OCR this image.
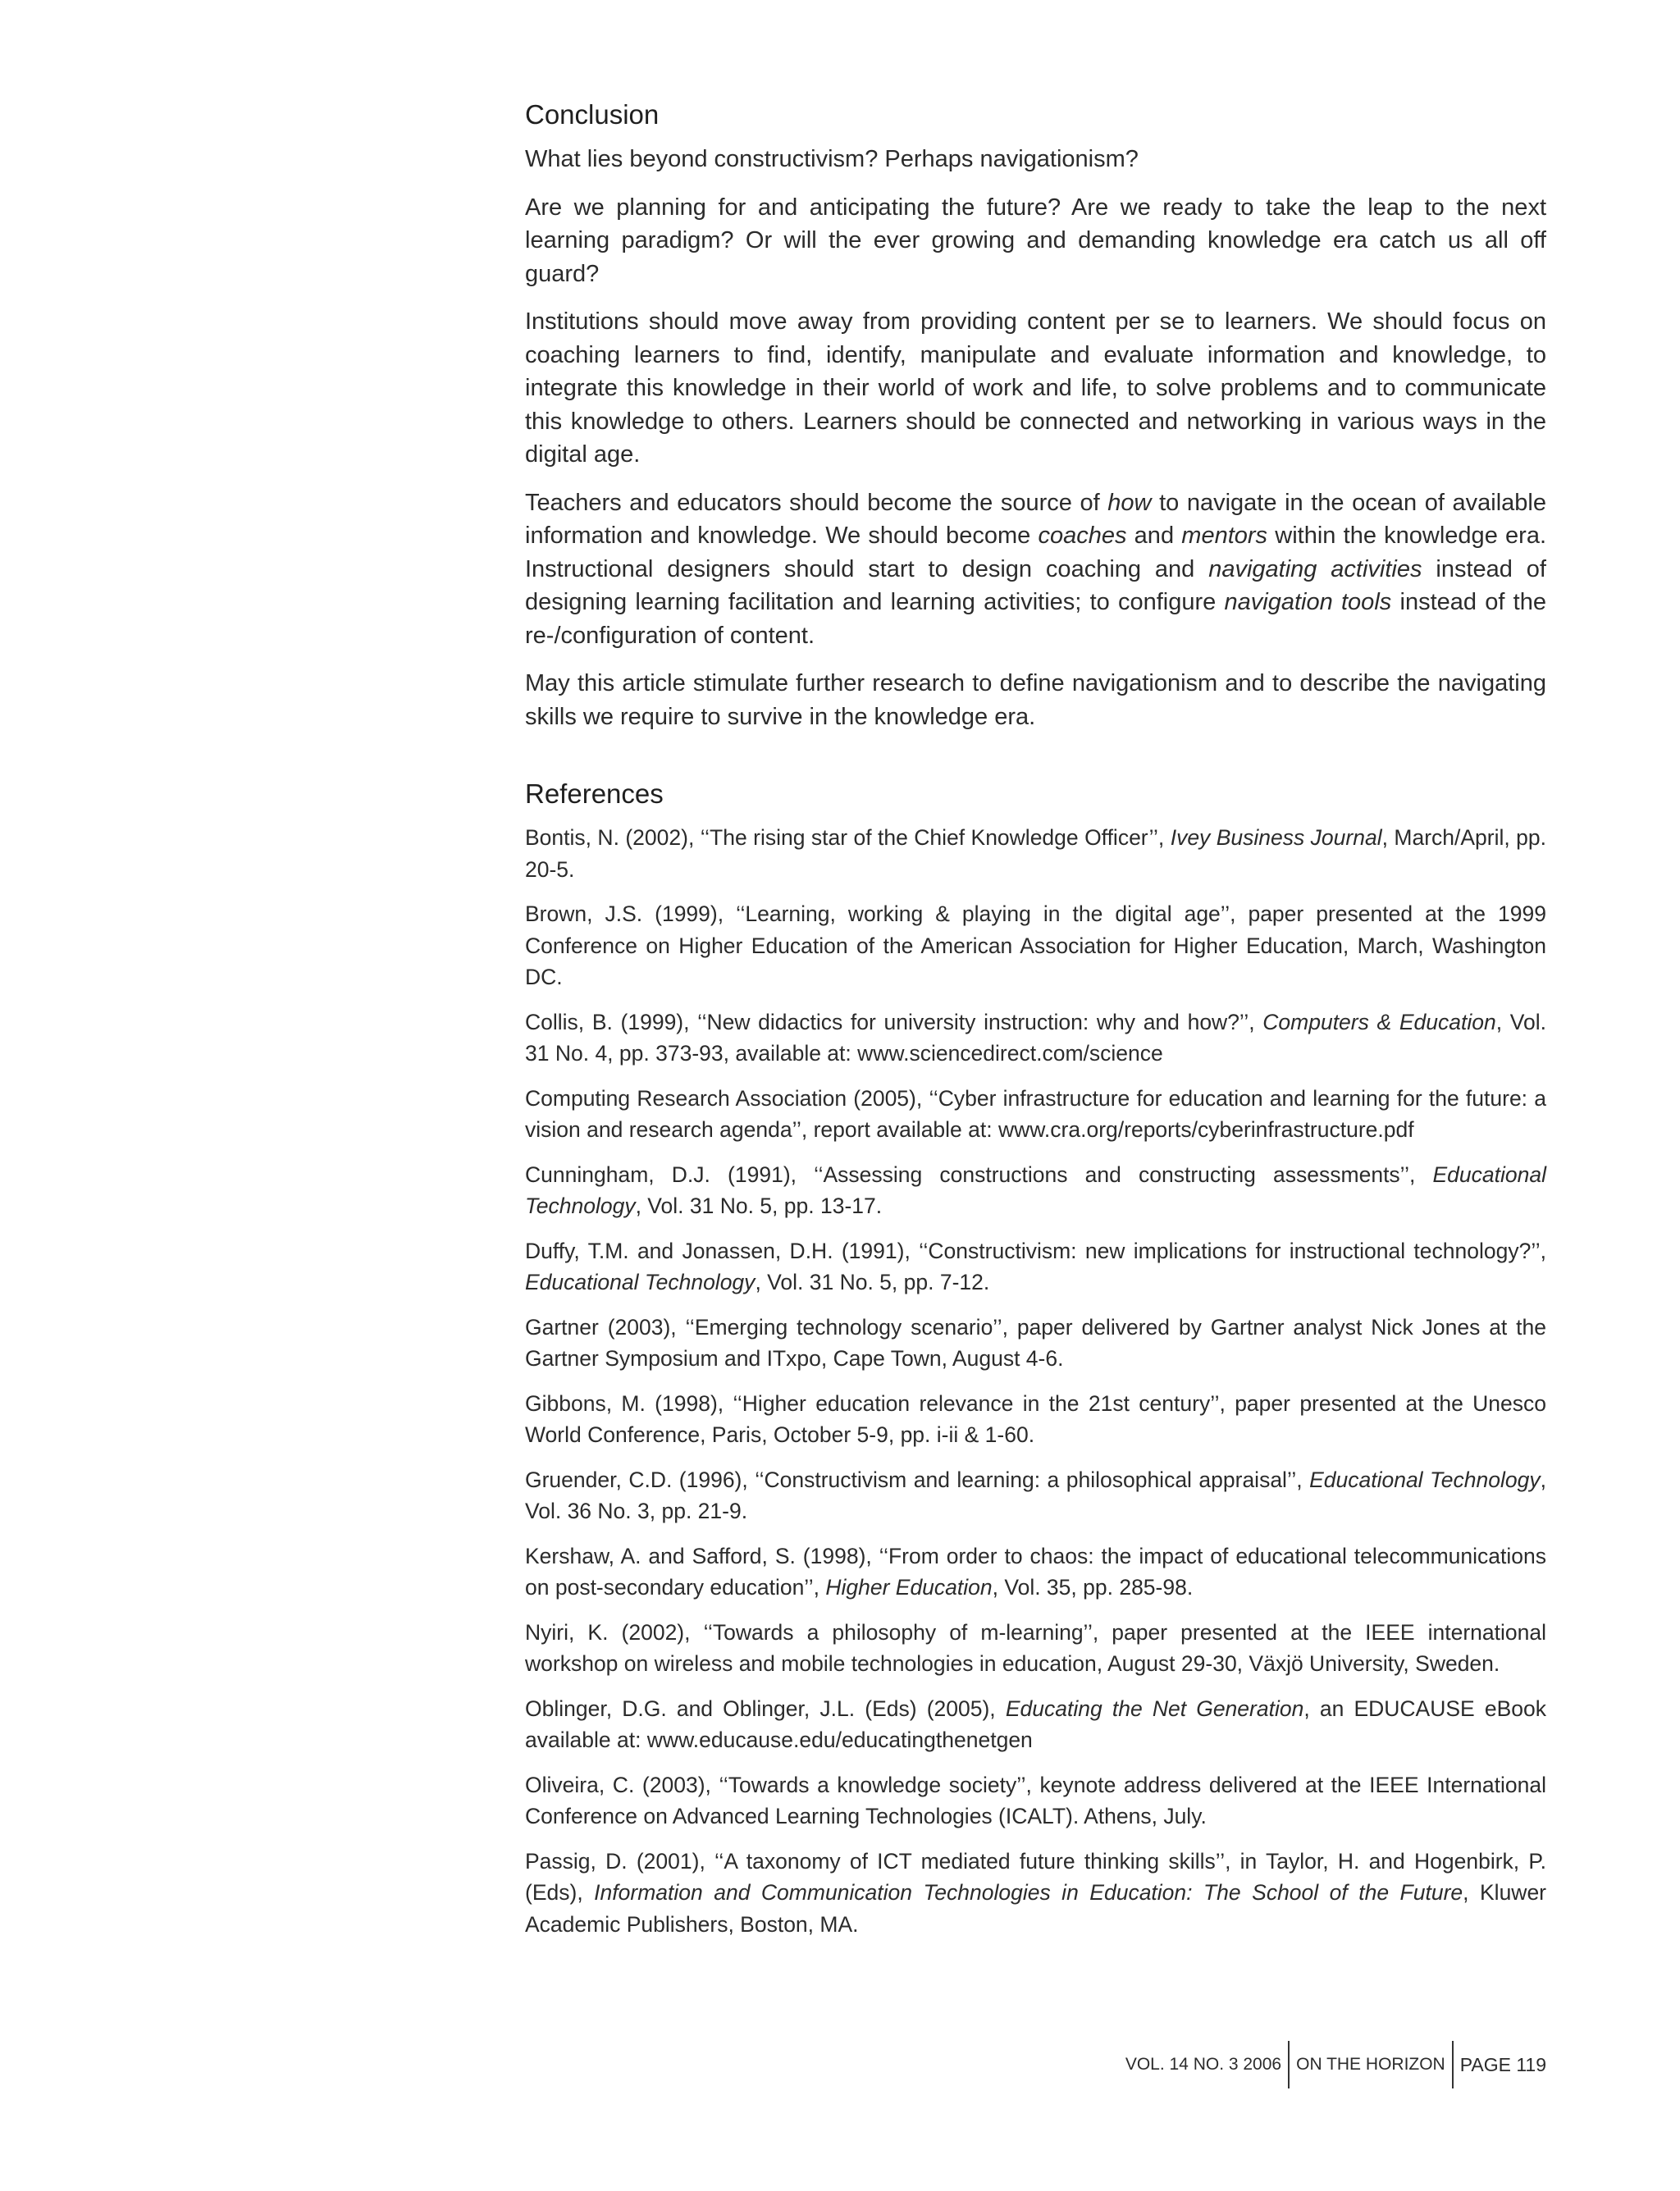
Conclusion

What lies beyond constructivism? Perhaps navigationism?

Are we planning for and anticipating the future? Are we ready to take the leap to the next learning paradigm? Or will the ever growing and demanding knowledge era catch us all off guard?

Institutions should move away from providing content per se to learners. We should focus on coaching learners to find, identify, manipulate and evaluate information and knowledge, to integrate this knowledge in their world of work and life, to solve problems and to communicate this knowledge to others. Learners should be connected and networking in various ways in the digital age.

Teachers and educators should become the source of how to navigate in the ocean of available information and knowledge. We should become coaches and mentors within the knowledge era. Instructional designers should start to design coaching and navigating activities instead of designing learning facilitation and learning activities; to configure navigation tools instead of the re-/configuration of content.

May this article stimulate further research to define navigationism and to describe the navigating skills we require to survive in the knowledge era.

References

Bontis, N. (2002), ‘‘The rising star of the Chief Knowledge Officer’’, Ivey Business Journal, March/April, pp. 20-5.

Brown, J.S. (1999), ‘‘Learning, working & playing in the digital age’’, paper presented at the 1999 Conference on Higher Education of the American Association for Higher Education, March, Washington DC.

Collis, B. (1999), ‘‘New didactics for university instruction: why and how?’’, Computers & Education, Vol. 31 No. 4, pp. 373-93, available at: www.sciencedirect.com/science

Computing Research Association (2005), ‘‘Cyber infrastructure for education and learning for the future: a vision and research agenda’’, report available at: www.cra.org/reports/cyberinfrastructure.pdf

Cunningham, D.J. (1991), ‘‘Assessing constructions and constructing assessments’’, Educational Technology, Vol. 31 No. 5, pp. 13-17.

Duffy, T.M. and Jonassen, D.H. (1991), ‘‘Constructivism: new implications for instructional technology?’’, Educational Technology, Vol. 31 No. 5, pp. 7-12.

Gartner (2003), ‘‘Emerging technology scenario’’, paper delivered by Gartner analyst Nick Jones at the Gartner Symposium and ITxpo, Cape Town, August 4-6.

Gibbons, M. (1998), ‘‘Higher education relevance in the 21st century’’, paper presented at the Unesco World Conference, Paris, October 5-9, pp. i-ii & 1-60.

Gruender, C.D. (1996), ‘‘Constructivism and learning: a philosophical appraisal’’, Educational Technology, Vol. 36 No. 3, pp. 21-9.

Kershaw, A. and Safford, S. (1998), ‘‘From order to chaos: the impact of educational telecommunications on post-secondary education’’, Higher Education, Vol. 35, pp. 285-98.

Nyiri, K. (2002), ‘‘Towards a philosophy of m-learning’’, paper presented at the IEEE international workshop on wireless and mobile technologies in education, August 29-30, Växjö University, Sweden.

Oblinger, D.G. and Oblinger, J.L. (Eds) (2005), Educating the Net Generation, an EDUCAUSE eBook available at: www.educause.edu/educatingthenetgen

Oliveira, C. (2003), ‘‘Towards a knowledge society’’, keynote address delivered at the IEEE International Conference on Advanced Learning Technologies (ICALT). Athens, July.

Passig, D. (2001), ‘‘A taxonomy of ICT mediated future thinking skills’’, in Taylor, H. and Hogenbirk, P. (Eds), Information and Communication Technologies in Education: The School of the Future, Kluwer Academic Publishers, Boston, MA.

VOL. 14 NO. 3 2006 ON THE HORIZON PAGE 119
